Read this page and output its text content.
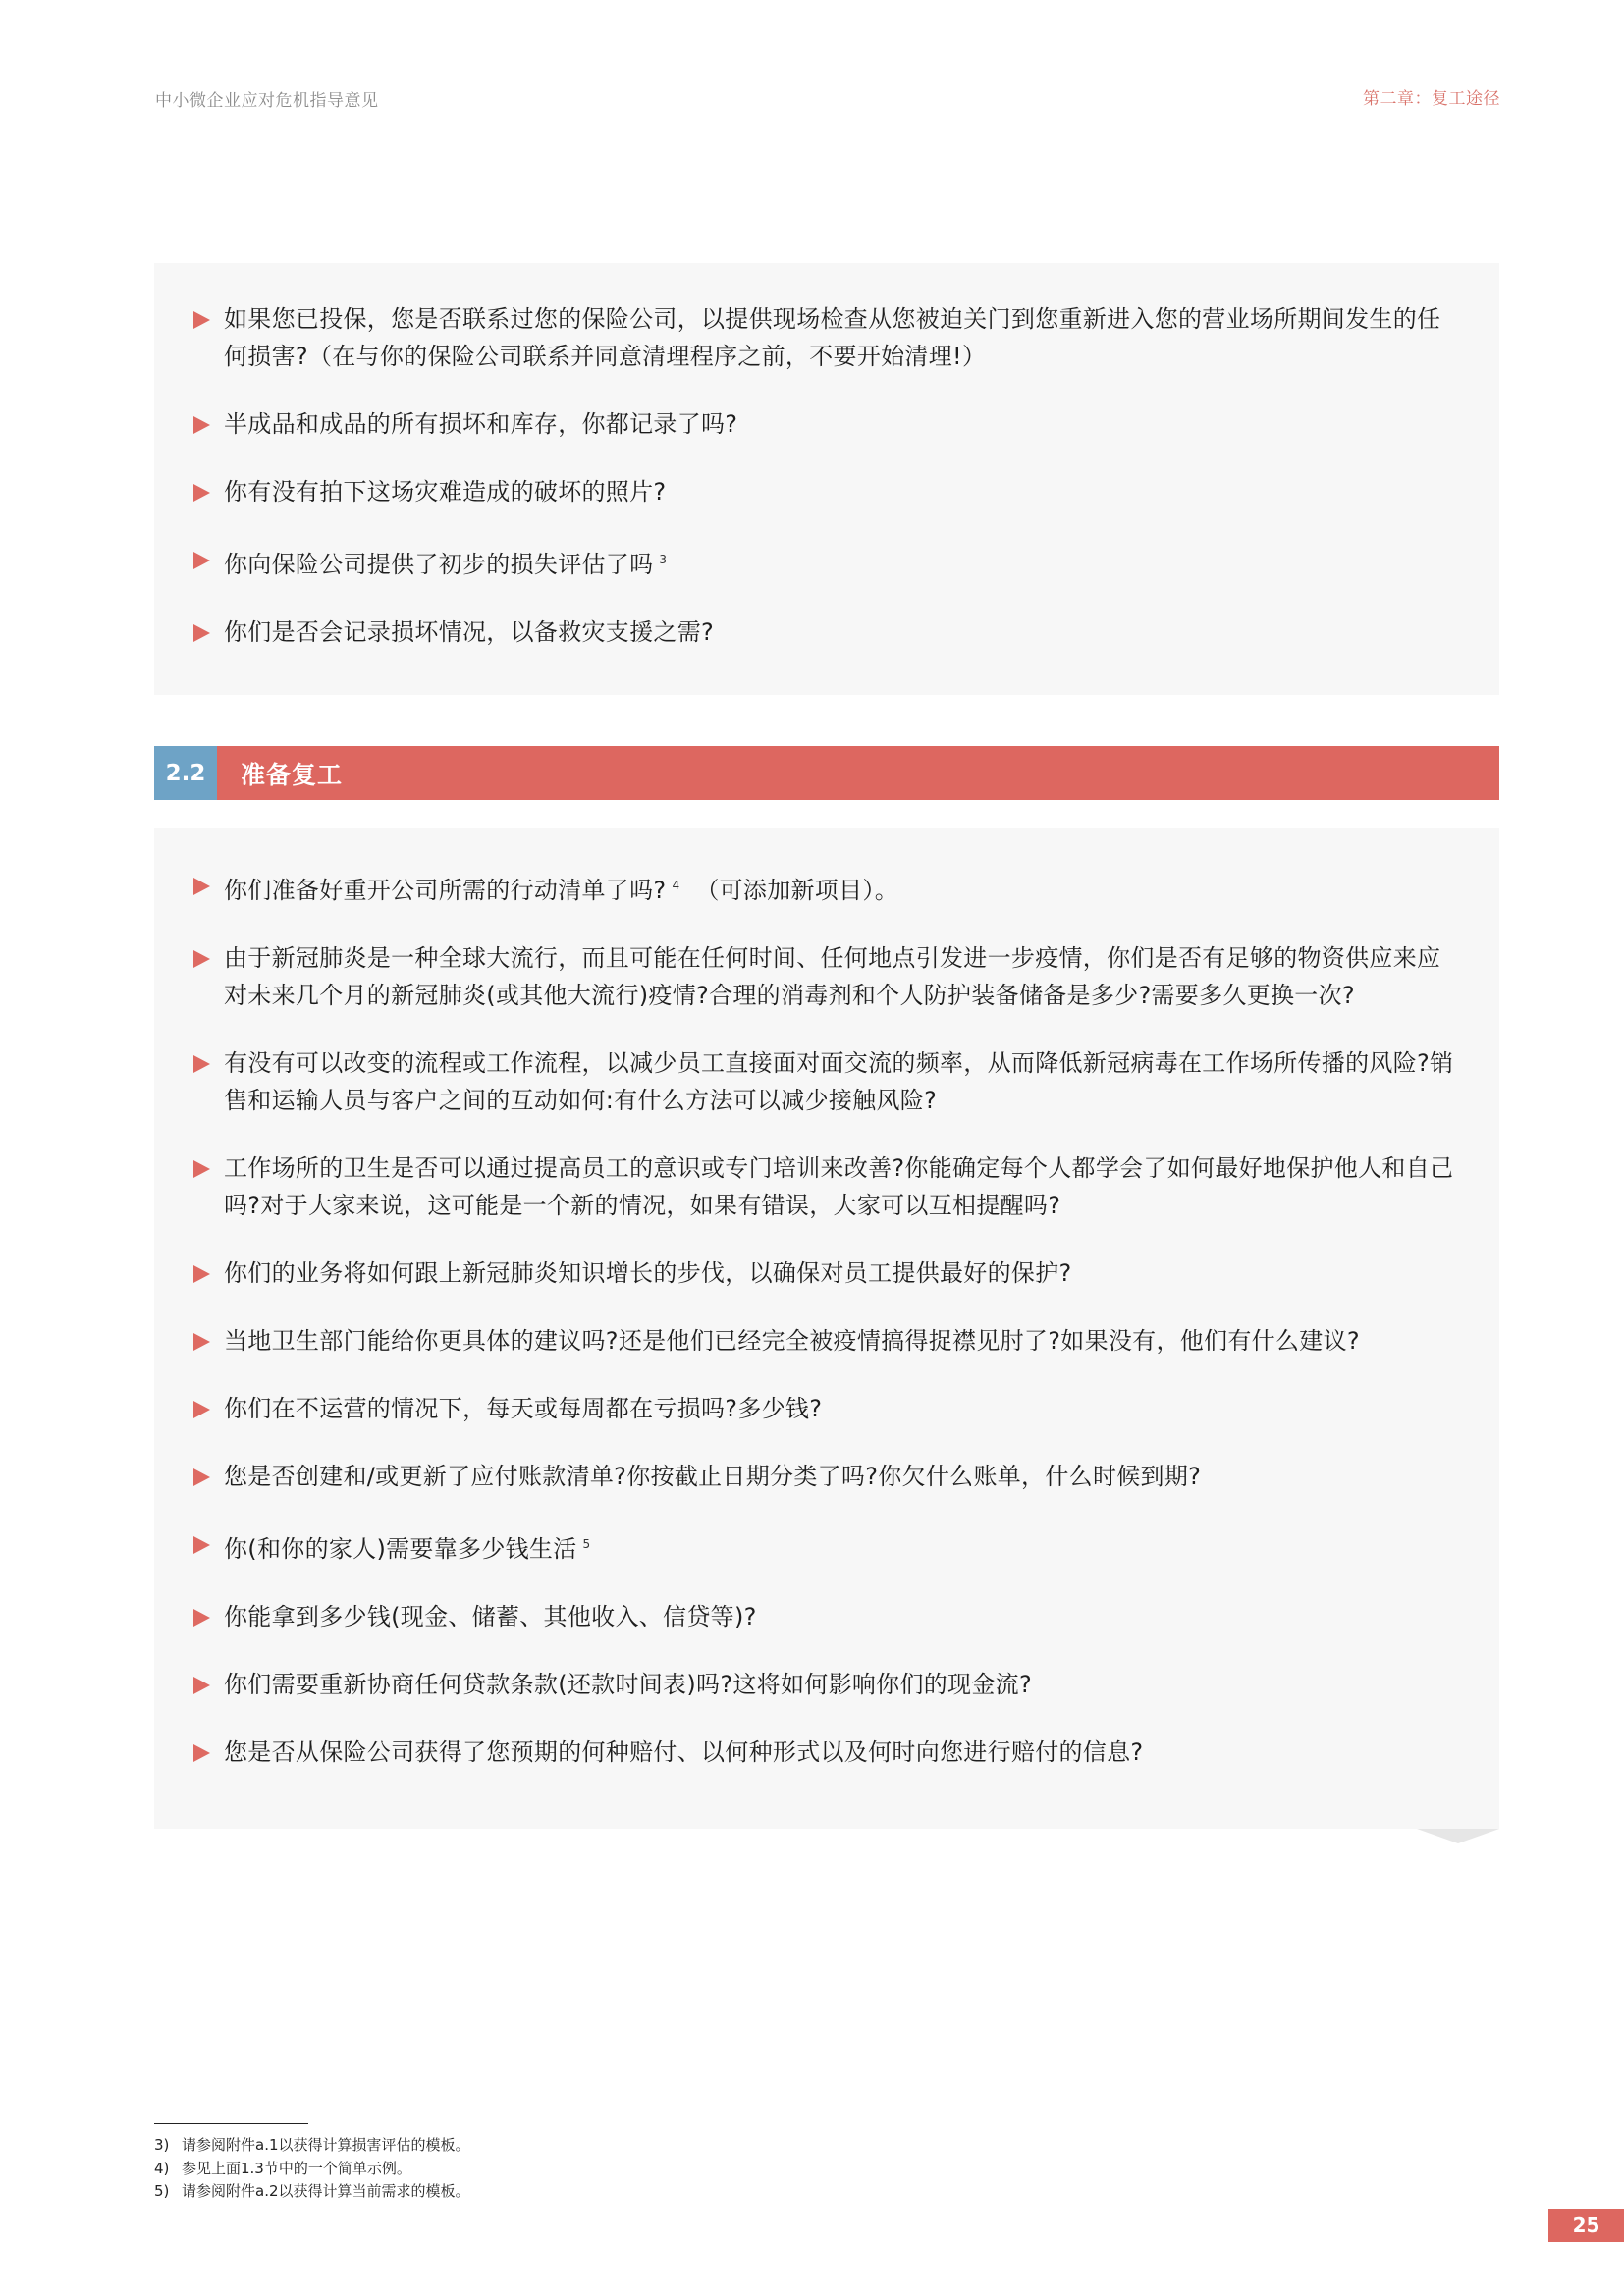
中小微企业应对危机指导意见	第二章：复工途径
如果您已投保，您是否联系过您的保险公司，以提供现场检查从您被迫关门到您重新进入您的营业场所期间发生的任何损害?（在与你的保险公司联系并同意清理程序之前，不要开始清理!）
半成品和成品的所有损坏和库存，你都记录了吗?
你有没有拍下这场灾难造成的破坏的照片?
你向保险公司提供了初步的损失评估了吗 $^3$
你们是否会记录损坏情况，以备救灾支援之需?
2.2	准备复工
你们准备好重开公司所需的行动清单了吗? $^4$ （可添加新项目）。
由于新冠肺炎是一种全球大流行，而且可能在任何时间、任何地点引发进一步疫情，你们是否有足够的物资供应来应对未来几个月的新冠肺炎(或其他大流行)疫情?合理的消毒剂和个人防护装备储备是多少?需要多久更换一次?
有没有可以改变的流程或工作流程，以减少员工直接面对面交流的频率，从而降低新冠病毒在工作场所传播的风险?销售和运输人员与客户之间的互动如何:有什么方法可以减少接触风险?
工作场所的卫生是否可以通过提高员工的意识或专门培训来改善?你能确定每个人都学会了如何最好地保护他人和自己吗?对于大家来说，这可能是一个新的情况，如果有错误，大家可以互相提醒吗?
你们的业务将如何跟上新冠肺炎知识增长的步伐，以确保对员工提供最好的保护?
当地卫生部门能给你更具体的建议吗?还是他们已经完全被疫情搞得捉襟见肘了?如果没有，他们有什么建议?
你们在不运营的情况下，每天或每周都在亏损吗?多少钱?
您是否创建和/或更新了应付账款清单?你按截止日期分类了吗?你欠什么账单，什么时候到期?
你(和你的家人)需要靠多少钱生活 $^5$
你能拿到多少钱(现金、储蓄、其他收入、信贷等)?
你们需要重新协商任何贷款条款(还款时间表)吗?这将如何影响你们的现金流?
您是否从保险公司获得了您预期的何种赔付、以何种形式以及何时向您进行赔付的信息?
3) 请参阅附件a.1以获得计算损害评估的模板。
4) 参见上面1.3节中的一个简单示例。
5) 请参阅附件a.2以获得计算当前需求的模板。
25
